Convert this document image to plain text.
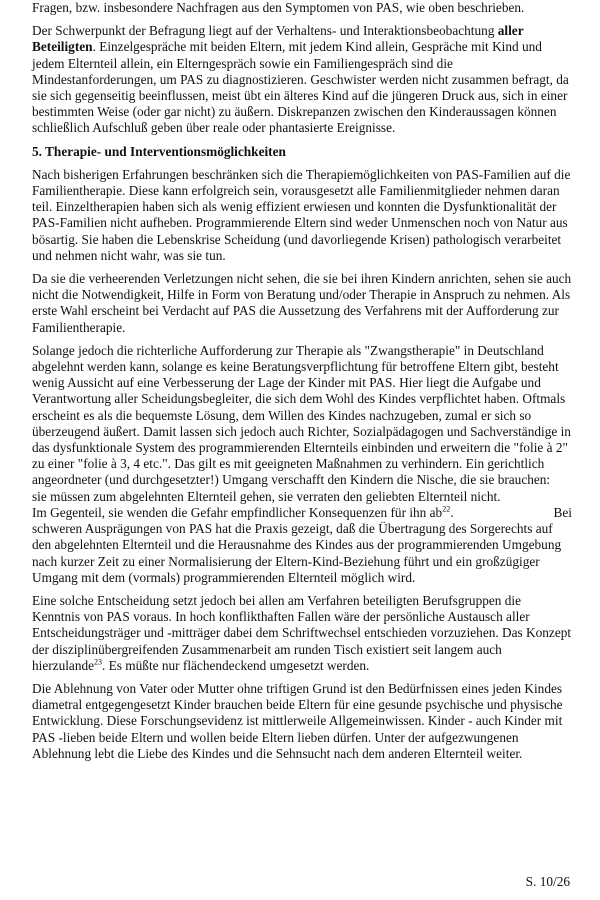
Fragen, bzw. insbesondere Nachfragen aus den Symptomen von PAS, wie oben beschrieben.

Der Schwerpunkt der Befragung liegt auf der Verhaltens- und Interaktionsbeobachtung aller Beteiligten. Einzelgespräche mit beiden Eltern, mit jedem Kind allein, Gespräche mit Kind und jedem Elternteil allein, ein Elterngespräch sowie ein Familiengespräch sind die Mindestanforderungen, um PAS zu diagnostizieren. Geschwister werden nicht zusammen befragt, da sie sich gegenseitig beeinflussen, meist übt ein älteres Kind auf die jüngeren Druck aus, sich in einer bestimmten Weise (oder gar nicht) zu äußern. Diskrepanzen zwischen den Kinderaussagen können schließlich Aufschluß geben über reale oder phantasierte Ereignisse.

5. Therapie- und Interventionsmöglichkeiten

Nach bisherigen Erfahrungen beschränken sich die Therapiemöglichkeiten von PAS-Familien auf die Familientherapie. Diese kann erfolgreich sein, vorausgesetzt alle Familienmitglieder nehmen daran teil. Einzeltherapien haben sich als wenig effizient erwiesen und konnten die Dysfunktionalität der PAS-Familien nicht aufheben. Programmierende Eltern sind weder Unmenschen noch von Natur aus bösartig. Sie haben die Lebenskrise Scheidung (und davorliegende Krisen) pathologisch verarbeitet und nehmen nicht wahr, was sie tun.

Da sie die verheerenden Verletzungen nicht sehen, die sie bei ihren Kindern anrichten, sehen sie auch nicht die Notwendigkeit, Hilfe in Form von Beratung und/oder Therapie in Anspruch zu nehmen. Als erste Wahl erscheint bei Verdacht auf PAS die Aussetzung des Verfahrens mit der Aufforderung zur Familientherapie.

Solange jedoch die richterliche Aufforderung zur Therapie als "Zwangstherapie" in Deutschland abgelehnt werden kann, solange es keine Beratungsverpflichtung für betroffene Eltern gibt, besteht wenig Aussicht auf eine Verbesserung der Lage der Kinder mit PAS. Hier liegt die Aufgabe und Verantwortung aller Scheidungsbegleiter, die sich dem Wohl des Kindes verpflichtet haben. Oftmals erscheint es als die bequemste Lösung, dem Willen des Kindes nachzugeben, zumal er sich so überzeugend äußert. Damit lassen sich jedoch auch Richter, Sozialpädagogen und Sachverständige in das dysfunktionale System des programmierenden Elternteils einbinden und erweitern die "folie à 2" zu einer "folie à 3, 4 etc.". Das gilt es mit geeigneten Maßnahmen zu verhindern. Ein gerichtlich angeordneter (und durchgesetzter!) Umgang verschafft den Kindern die Nische, die sie brauchen:
sie müssen zum abgelehnten Elternteil gehen, sie verraten den geliebten Elternteil nicht.
Im Gegenteil, sie wenden die Gefahr empfindlicher Konsequenzen für ihn $ab^{22}$.	Bei

schweren Ausprägungen von PAS hat die Praxis gezeigt, daß die Übertragung des Sorgerechts auf den abgelehnten Elternteil und die Herausnahme des Kindes aus der programmierenden Umgebung nach kurzer Zeit zu einer Normalisierung der Eltern-Kind-Beziehung führt und ein großzügiger Umgang mit dem (vormals) programmierenden Elternteil möglich wird.

Eine solche Entscheidung setzt jedoch bei allen am Verfahren beteiligten Berufsgruppen die Kenntnis von PAS voraus. In hoch konflikthaften Fallen wäre der persönliche Austausch aller Entscheidungsträger und -mitträger dabei dem Schriftwechsel entschieden vorzuziehen. Das Konzept der disziplinübergreifenden Zusammenarbeit am runden Tisch existiert seit langem auch hierzulande$^{23}$. Es müßte nur flächendeckend umgesetzt werden.

Die Ablehnung von Vater oder Mutter ohne triftigen Grund ist den Bedürfnissen eines jeden Kindes diametral entgegengesetzt Kinder brauchen beide Eltern für eine gesunde psychische und physische Entwicklung. Diese Forschungsevidenz ist mittlerweile Allgemeinwissen. Kinder - auch Kinder mit PAS -lieben beide Eltern und wollen beide Eltern lieben dürfen. Unter der aufgezwungenen Ablehnung lebt die Liebe des Kindes und die Sehnsucht nach dem anderen Elternteil weiter.

S. 10/26
